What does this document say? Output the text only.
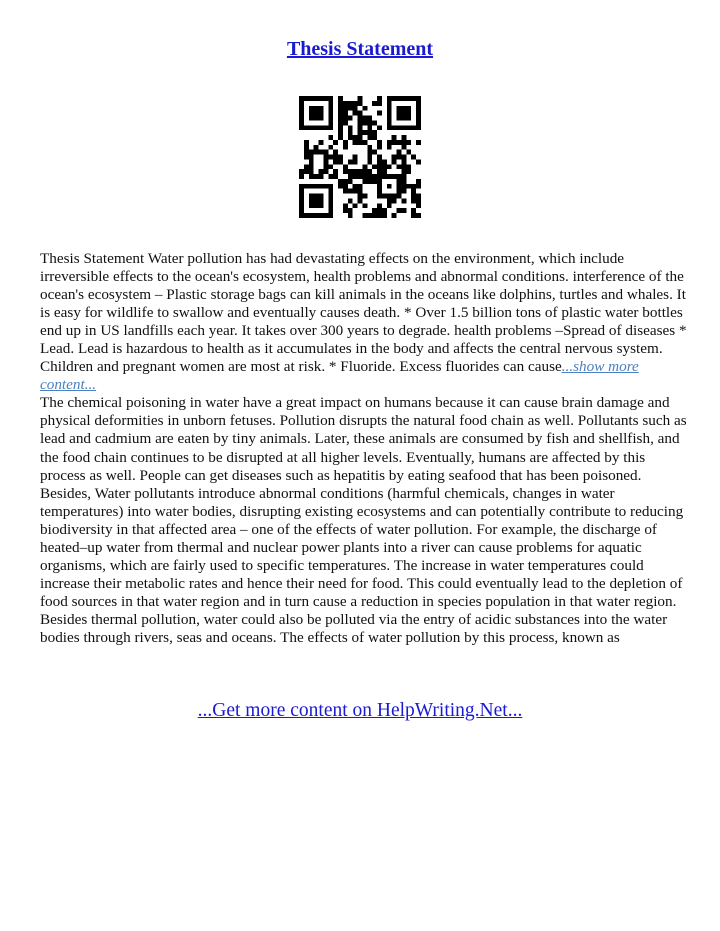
Thesis Statement

Thesis Statement Water pollution has had devastating effects on the environment, which include irreversible effects to the ocean's ecosystem, health problems and abnormal conditions. interference of the ocean's ecosystem – Plastic storage bags can kill animals in the oceans like dolphins, turtles and whales. It is easy for wildlife to swallow and eventually causes death. * Over 1.5 billion tons of plastic water bottles end up in US landfills each year. It takes over 300 years to degrade. health problems –Spread of diseases * Lead. Lead is hazardous to health as it accumulates in the body and affects the central nervous system. Children and pregnant women are most at risk. * Fluoride. Excess fluorides can cause...show more content...
The chemical poisoning in water have a great impact on humans because it can cause brain damage and physical deformities in unborn fetuses. Pollution disrupts the natural food chain as well. Pollutants such as lead and cadmium are eaten by tiny animals. Later, these animals are consumed by fish and shellfish, and the food chain continues to be disrupted at all higher levels. Eventually, humans are affected by this process as well. People can get diseases such as hepatitis by eating seafood that has been poisoned. Besides, Water pollutants introduce abnormal conditions (harmful chemicals, changes in water temperatures) into water bodies, disrupting existing ecosystems and can potentially contribute to reducing biodiversity in that affected area – one of the effects of water pollution. For example, the discharge of heated–up water from thermal and nuclear power plants into a river can cause problems for aquatic organisms, which are fairly used to specific temperatures. The increase in water temperatures could increase their metabolic rates and hence their need for food. This could eventually lead to the depletion of food sources in that water region and in turn cause a reduction in species population in that water region. Besides thermal pollution, water could also be polluted via the entry of acidic substances into the water bodies through rivers, seas and oceans. The effects of water pollution by this process, known as

...Get more content on HelpWriting.Net...
